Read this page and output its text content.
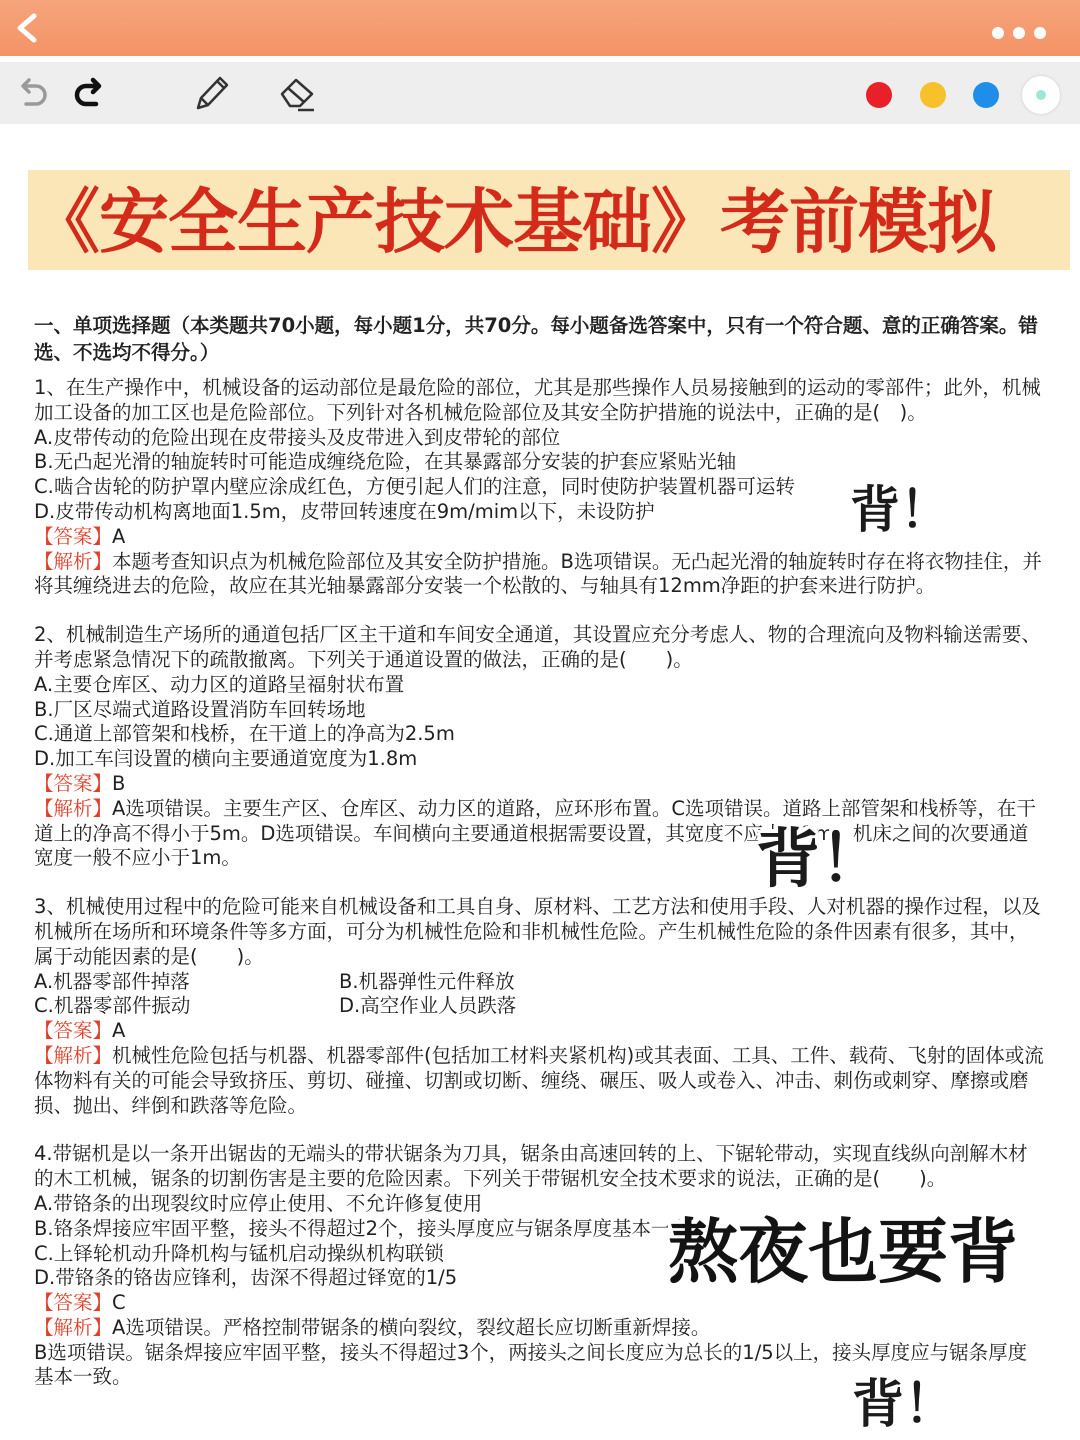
《安全生产技术基础》考前模拟
一、单项选择题（本类题共70小题，每小题1分，共70分。每小题备选答案中，只有一个符合题、意的正确答案。错选、不选均不得分。）
1、在生产操作中，机械设备的运动部位是最危险的部位，尤其是那些操作人员易接触到的运动的零部件；此外，机械加工设备的加工区也是危险部位。下列针对各机械危险部位及其安全防护措施的说法中，正确的是(　)。
A.皮带传动的危险出现在皮带接头及皮带进入到皮带轮的部位
B.无凸起光滑的轴旋转时可能造成缠绕危险，在其暴露部分安装的护套应紧贴光轴
C.啮合齿轮的防护罩内壁应涂成红色，方便引起人们的注意，同时使防护装置机器可运转
D.皮带传动机构离地面1.5m，皮带回转速度在9m/mim以下，未设防护
【答案】A
【解析】本题考查知识点为机械危险部位及其安全防护措施。B选项错误。无凸起光滑的轴旋转时存在将衣物挂住，并将其缠绕进去的危险，故应在其光轴暴露部分安装一个松散的、与轴具有12mm净距的护套来进行防护。
2、机械制造生产场所的通道包括厂区主干道和车间安全通道，其设置应充分考虑人、物的合理流向及物料输送需要、并考虑紧急情况下的疏散撤离。下列关于通道设置的做法，正确的是(　　)。
A.主要仓库区、动力区的道路呈福射状布置
B.厂区尽端式道路设置消防车回转场地
C.通道上部管架和栈桥，在干道上的净高为2.5m
D.加工车闫设置的横向主要通道宽度为1.8m
【答案】B
【解析】A选项错误。主要生产区、仓库区、动力区的道路，应环形布置。C选项错误。道路上部管架和栈桥等，在干道上的净高不得小于5m。D选项错误。车间横向主要通道根据需要设置，其宽度不应小于2m；机床之间的次要通道宽度一般不应小于1m。
3、机械使用过程中的危险可能来自机械设备和工具自身、原材料、工艺方法和使用手段、人对机器的操作过程，以及机械所在场所和环境条件等多方面，可分为机械性危险和非机械性危险。产生机械性危险的条件因素有很多，其中，属于动能因素的是(　　)。
A.机器零部件掉落	B.机器弹性元件释放
C.机器零部件振动	D.高空作业人员跌落
【答案】A
【解析】机械性危险包括与机器、机器零部件(包括加工材料夹紧机构)或其表面、工具、工件、载荷、飞射的固体或流体物料有关的可能会导致挤压、剪切、碰撞、切割或切断、缠绕、碾压、吸人或卷入、冲击、刺伤或刺穿、摩擦或磨损、抛出、绊倒和跌落等危险。
4.带锯机是以一条开出锯齿的无端头的带状锯条为刀具，锯条由高速回转的上、下锯轮带动，实现直线纵向剖解木材的木工机械，锯条的切割伤害是主要的危险因素。下列关于带锯机安全技术要求的说法，正确的是(　　)。
A.带铬条的出现裂纹时应停止使用、不允许修复使用
B.铬条焊接应牢固平整，接头不得超过2个，接头厚度应与锯条厚度基本一致
C.上铎轮机动升降机构与锰机启动操纵机构联锁
D.带铬条的铬齿应锋利，齿深不得超过铎宽的1/5
【答案】C
【解析】A选项错误。严格控制带锯条的横向裂纹，裂纹超长应切断重新焊接。
B选项错误。锯条焊接应牢固平整，接头不得超过3个，两接头之间长度应为总长的1/5以上，接头厚度应与锯条厚度基本一致。
背！
背！
熬夜也要背
背！
